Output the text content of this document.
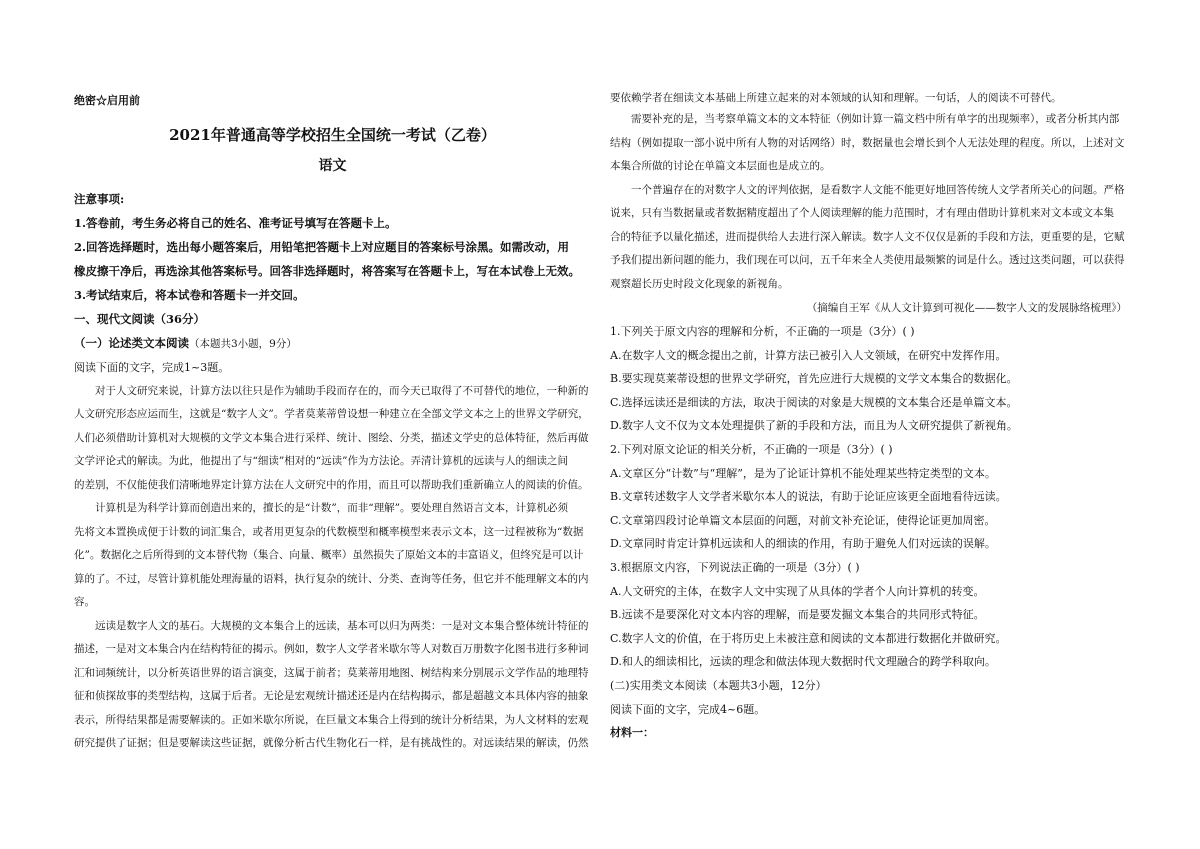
绝密☆启用前
2021年普通高等学校招生全国统一考试（乙卷）
语文
注意事项:
1.答卷前，考生务必将自己的姓名、准考证号填写在答题卡上。
2.回答选择题时，选出每小题答案后，用铅笔把答题卡上对应题目的答案标号涂黑。如需改动，用
橡皮擦干净后，再选涂其他答案标号。回答非选择题时，将答案写在答题卡上，写在本试卷上无效。
3.考试结束后，将本试卷和答题卡一并交回。
一、现代文阅读（36分）
（一）论述类文本阅读（本题共3小题，9分）
阅读下面的文字，完成1~3题。
对于人文研究来说，计算方法以往只是作为辅助手段而存在的，而今天已取得了不可替代的地位，一种新的
人文研究形态应运而生，这就是“数字人文”。学者莫莱蒂曾设想一种建立在全部文学文本之上的世界文学研究，
人们必须借助计算机对大规模的文学文本集合进行采样、统计、图绘、分类，描述文学史的总体特征，然后再做
文学评论式的解读。为此，他提出了与“细读”相对的“远读”作为方法论。弄清计算机的远读与人的细读之间
的差别，不仅能使我们清晰地界定计算方法在人文研究中的作用，而且可以帮助我们重新确立人的阅读的价值。
计算机是为科学计算而创造出来的，擅长的是“计数”，而非“理解”。要处理自然语言文本，计算机必须
先将文本置换成便于计数的词汇集合，或者用更复杂的代数模型和概率模型来表示文本，这一过程被称为“数据
化”。数据化之后所得到的文本替代物（集合、向量、概率）虽然损失了原始文本的丰富语义，但终究是可以计
算的了。不过，尽管计算机能处理海量的语料，执行复杂的统计、分类、查询等任务，但它并不能理解文本的内
容。
远读是数字人文的基石。大规模的文本集合上的远读，基本可以归为两类：一是对文本集合整体统计特征的
描述，一是对文本集合内在结构特征的揭示。例如，数字人文学者米歇尔等人对数百万册数字化图书进行多种词
汇和词频统计，以分析英语世界的语言演变，这属于前者；莫莱蒂用地图、树结构来分别展示文学作品的地理特
征和侦探故事的类型结构，这属于后者。无论是宏观统计描述还是内在结构揭示，都是超越文本具体内容的抽象
表示，所得结果都是需要解读的。正如米歇尔所说，在巨量文本集合上得到的统计分析结果，为人文材料的宏观
研究提供了证据；但是要解读这些证据，就像分析古代生物化石一样，是有挑战性的。对远读结果的解读，仍然
要依赖学者在细读文本基础上所建立起来的对本领域的认知和理解。一句话，人的阅读不可替代。
需要补充的是，当考察单篇文本的文本特征（例如计算一篇文档中所有单字的出现频率），或者分析其内部
结构（例如提取一部小说中所有人物的对话网络）时，数据量也会增长到个人无法处理的程度。所以，上述对文
本集合所做的讨论在单篇文本层面也是成立的。
一个普遍存在的对数字人文的评判依据，是看数字人文能不能更好地回答传统人文学者所关心的问题。严格
说来，只有当数据量或者数据精度超出了个人阅读理解的能力范围时，才有理由借助计算机来对文本或文本集
合的特征予以量化描述，进而提供给人去进行深入解读。数字人文不仅仅是新的手段和方法，更重要的是，它赋
予我们提出新问题的能力，我们现在可以问，五千年来全人类使用最频繁的词是什么。透过这类问题，可以获得
观察超长历史时段文化现象的新视角。
（摘编自王军《从人文计算到可视化——数字人文的发展脉络梳理》）
1.下列关于原文内容的理解和分析，不正确的一项是（3分）( )
A.在数字人文的概念提出之前，计算方法已被引入人文领域，在研究中发挥作用。
B.要实现莫莱蒂设想的世界文学研究，首先应进行大规模的文学文本集合的数据化。
C.选择远读还是细读的方法，取决于阅读的对象是大规模的文本集合还是单篇文本。
D.数字人文不仅为文本处理提供了新的手段和方法，而且为人文研究提供了新视角。
2.下列对原文论证的相关分析，不正确的一项是（3分）( )
A.文章区分“计数”与“理解”，是为了论证计算机不能处理某些特定类型的文本。
B.文章转述数字人文学者米歇尔本人的说法，有助于论证应该更全面地看待远读。
C.文章第四段讨论单篇文本层面的问题，对前文补充论证，使得论证更加周密。
D.文章同时肯定计算机远读和人的细读的作用，有助于避免人们对远读的误解。
3.根据原文内容，下列说法正确的一项是（3分）( )
A.人文研究的主体，在数字人文中实现了从具体的学者个人向计算机的转变。
B.远读不是要深化对文本内容的理解，而是要发掘文本集合的共同形式特征。
C.数字人文的价值，在于将历史上未被注意和阅读的文本都进行数据化并做研究。
D.和人的细读相比，远读的理念和做法体现大数据时代文理融合的跨学科取向。
(二)实用类文本阅读（本题共3小题，12分）
阅读下面的文字，完成4~6题。
材料一：
